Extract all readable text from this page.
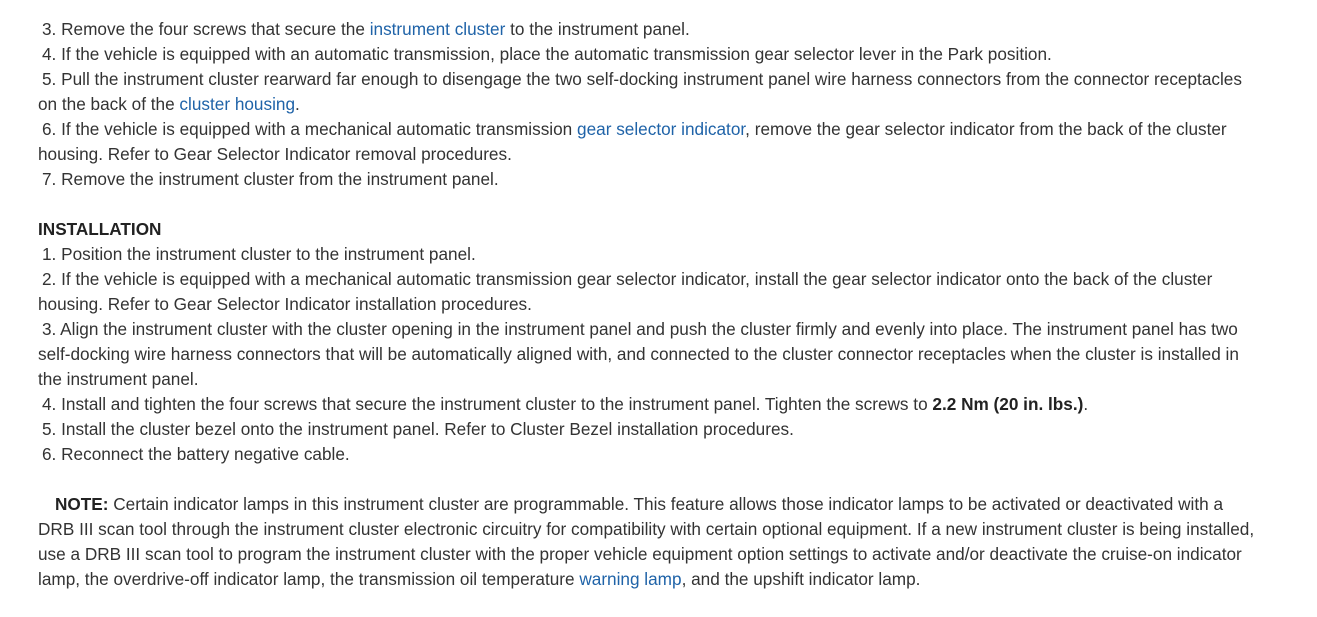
3. Remove the four screws that secure the instrument cluster to the instrument panel.

4. If the vehicle is equipped with an automatic transmission, place the automatic transmission gear selector lever in the Park position.

5. Pull the instrument cluster rearward far enough to disengage the two self-docking instrument panel wire harness connectors from the connector receptacles on the back of the cluster housing.

6. If the vehicle is equipped with a mechanical automatic transmission gear selector indicator, remove the gear selector indicator from the back of the cluster housing. Refer to Gear Selector Indicator removal procedures.

7. Remove the instrument cluster from the instrument panel.

INSTALLATION

1. Position the instrument cluster to the instrument panel.

2. If the vehicle is equipped with a mechanical automatic transmission gear selector indicator, install the gear selector indicator onto the back of the cluster housing. Refer to Gear Selector Indicator installation procedures.

3. Align the instrument cluster with the cluster opening in the instrument panel and push the cluster firmly and evenly into place. The instrument panel has two self-docking wire harness connectors that will be automatically aligned with, and connected to the cluster connector receptacles when the cluster is installed in the instrument panel.

4. Install and tighten the four screws that secure the instrument cluster to the instrument panel. Tighten the screws to 2.2 Nm (20 in. lbs.).

5. Install the cluster bezel onto the instrument panel. Refer to Cluster Bezel installation procedures.

6. Reconnect the battery negative cable.

NOTE: Certain indicator lamps in this instrument cluster are programmable. This feature allows those indicator lamps to be activated or deactivated with a DRB III scan tool through the instrument cluster electronic circuitry for compatibility with certain optional equipment. If a new instrument cluster is being installed, use a DRB III scan tool to program the instrument cluster with the proper vehicle equipment option settings to activate and/or deactivate the cruise-on indicator lamp, the overdrive-off indicator lamp, the transmission oil temperature warning lamp, and the upshift indicator lamp.
